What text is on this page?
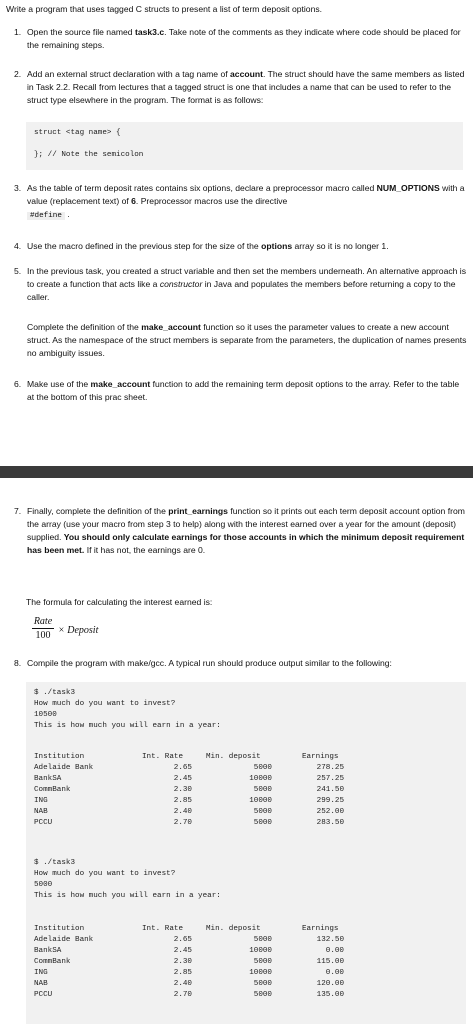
Write a program that uses tagged C structs to present a list of term deposit options.
1. Open the source file named task3.c. Take note of the comments as they indicate where code should be placed for the remaining steps.

2. Add an external struct declaration with a tag name of account. The struct should have the same members as listed in Task 2.2. Recall from lectures that a tagged struct is one that includes a name that can be used to refer to the struct type elsewhere in the program. The format is as follows:

struct <tag name> {
}; // Note the semicolon
3. As the table of term deposit rates contains six options, declare a preprocessor macro called NUM_OPTIONS with a value (replacement text) of 6. Preprocessor macros use the directive
#define .

4. Use the macro defined in the previous step for the size of the options array so it is no longer 1.

5. In the previous task, you created a struct variable and then set the members underneath. An alternative approach is to create a function that acts like a constructor in Java and populates the members before returning a copy to the caller.

Complete the definition of the make_account function so it uses the parameter values to create a new account struct. As the namespace of the struct members is separate from the parameters, the duplication of names presents no ambiguity issues.

6. Make use of the make_account function to add the remaining term deposit options to the array. Refer to the table at the bottom of this prac sheet.

7. Finally, complete the definition of the print_earnings function so it prints out each term deposit account option from the array (use your macro from step 3 to help) along with the interest earned over a year for the amount (deposit) supplied. You should only calculate earnings for those accounts in which the minimum deposit requirement has been met. If it has not, the earnings are 0.

The formula for calculating the interest earned is:
Rate
100 × Deposit
8. Compile the program with make/gcc. A typical run should produce output similar to the following:

$ ./task3
How much do you want to invest?
10500
This is how much you will earn in a year:
Institution	Int. Rate	Min. deposit	Earnings
Adelaide Bank	2.65	5000	278.25
BankSA	2.45	10000	257.25
CommBank	2.30	5000	241.50
ING	2.85	10000	299.25
NAB	2.40	5000	252.00
PCCU	2.70	5000	283.50
$ ./task3
How much do you want to invest?
5000
This is how much you will earn in a year:
Institution	Int. Rate	Min. deposit	Earnings
Adelaide Bank	2.65	5000	132.50
BankSA	2.45	10000	0.00
CommBank	2.30	5000	115.00
ING	2.85	10000	0.00
NAB	2.40	5000	120.00
PCCU	2.70	5000	135.00
